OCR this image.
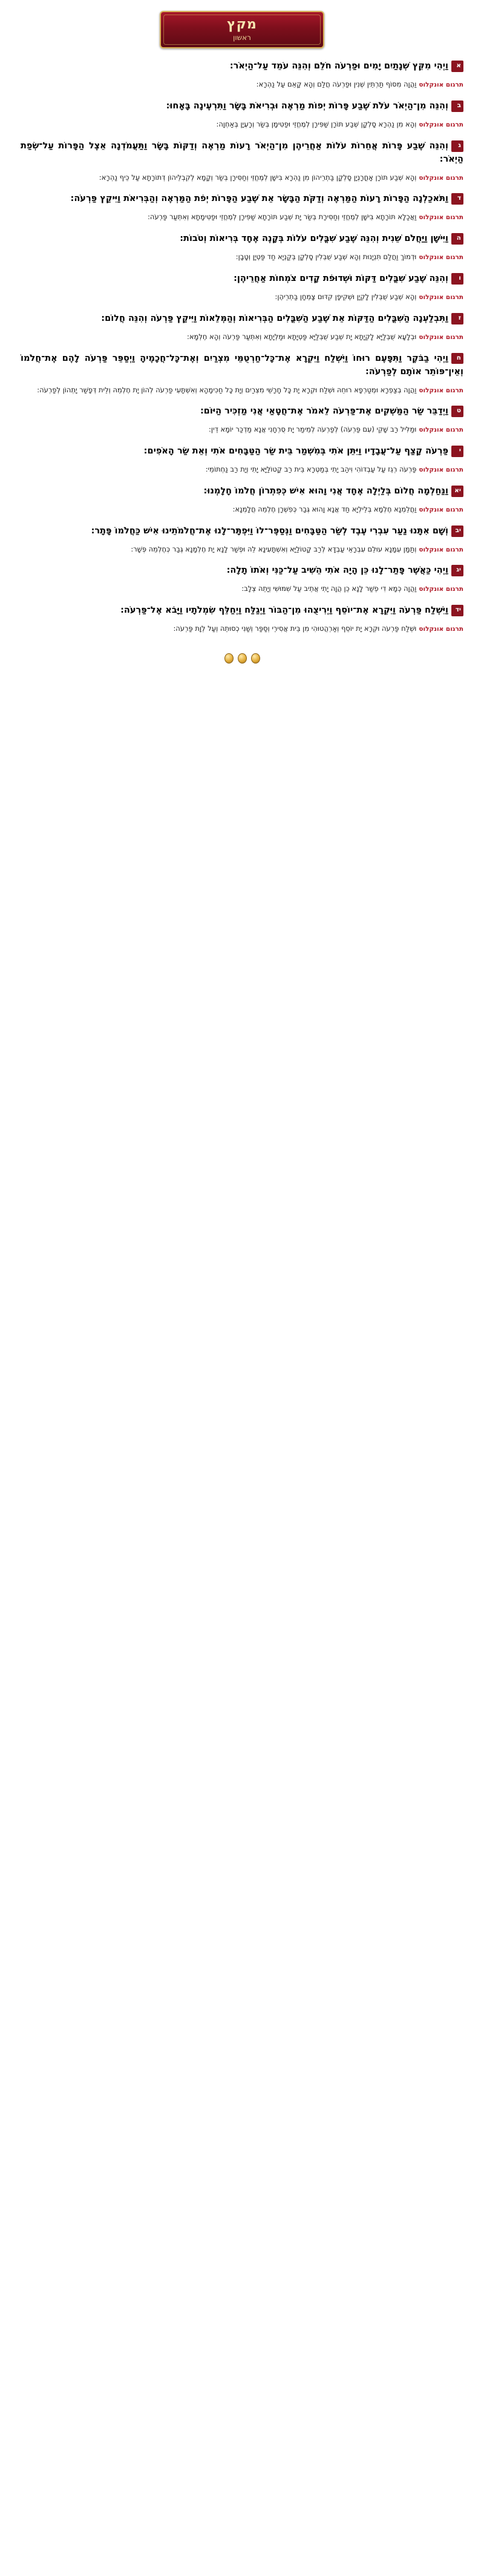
מקץ
ראשון

אוַיְהִי מִקֵּץ שְׁנָתַיִם יָמִים וּפַרְעֹה חֹלֵם וְהִנֵּה עֹמֵד עַל־הַיְאֹר:

תרגום אונקלוסוַהֲוָה מִסּוֹף תַּרְתֵּין שְׁנִין וּפַרְעֹה חֲלַם וְהָא קָאֵם עַל נַהְרָא:

בוְהִנֵּה מִן־הַיְאֹר עֹלֹת שֶׁבַע פָּרוֹת יְפוֹת מַרְאֶה וּבְרִיאֹת בָּשָׂר וַתִּרְעֶינָה בָּאָחוּ:

תרגום אונקלוסוְהָא מִן נַהְרָא סָלְקָן שְׁבַע תּוֹרָן שַׁפִּירָן לְמֶחֱזֵי וּפַטִּימָן בְּשַׂר וְרָעְיָן בְּאַחְוָה:

גוְהִנֵּה שֶׁבַע פָּרוֹת אֲחֵרוֹת עֹלוֹת אַחֲרֵיהֶן מִן־הַיְאֹר רָעוֹת מַרְאֶה וְדַקּוֹת בָּשָׂר וַתַּעֲמֹדְנָה אֵצֶל הַפָּרוֹת עַל־שְׂפַת הַיְאֹר:

תרגום אונקלוסוְהָא שְׁבַע תּוֹרָן אָחֳרָנְיָן סָלְקָן בַּתְרֵיהוֹן מִן נַהְרָא בִּישָׁן לְמֶחֱזֵי וְחַסִּירָן בְּשַׂר וְקָמָא לְקִבְלֵיהוֹן דְּתוֹרָתָא עַל כֵּיף נַהְרָא:

דוַתֹּאכַלְנָה הַפָּרוֹת רָעוֹת הַמַּרְאֶה וְדַקֹּת הַבָּשָׂר אֵת שֶׁבַע הַפָּרוֹת יְפֹת הַמַּרְאֶה וְהַבְּרִיאֹת וַיִּיקַץ פַּרְעֹה:

תרגום אונקלוסוַאֲכַלָא תּוֹרָתָא בִּישָׁן לְמֶחֱזֵי וְחַסִּירָת בְּשַׂר יָת שְׁבַע תּוֹרָתָא שַׁפִּירָן לְמֶחֱזֵי וּפַטִּימָתָא וְאִתְּעַר פַּרְעֹה:

הוַיִּישָׁן וַיַּחֲלֹם שֵׁנִית וְהִנֵּה שֶׁבַע שִׁבֳּלִים עֹלוֹת בְּקָנֶה אֶחָד בְּרִיאוֹת וְטֹבוֹת:

תרגום אונקלוסוּדְמוֹךְ וַחֲלַם תִּנְיָנוּת וְהָא שְׁבַע שֻׁבְּלִין סָלְקָן בְּקַנְיָא חַד פַּטְיָן וְטָבָן:

ווְהִנֵּה שֶׁבַע שִׁבֳּלִים דַּקּוֹת וּשְׁדוּפֹת קָדִים צֹמְחוֹת אַחֲרֵיהֶן:

תרגום אונקלוסוְהָא שְׁבַע שֻׁבְּלִין לָקְיָן וּשְׁקִיפָן קִדּוּם צָמְחָן בַּתְרֵיהֶן:

זוַתִּבְלַעְנָה הַשִּׁבֳּלִים הַדַּקּוֹת אֵת שֶׁבַע הַשִּׁבֳּלִים הַבְּרִיאוֹת וְהַמְּלֵאוֹת וַיִּיקַץ פַּרְעֹה וְהִנֵּה חֲלוֹם:

תרגום אונקלוסוּבְלָעָא שֻׁבְּלַיָּא לָקְיָתָא יָת שְׁבַע שֻׁבְּלַיָּא פַּטְיָתָא וּמַלְיָתָא וְאִתְּעַר פַּרְעֹה וְהָא חֶלְמָא:

חוַיְהִי בַבֹּקֶר וַתִּפָּעֶם רוּחוֹ וַיִּשְׁלַח וַיִּקְרָא אֶת־כָּל־חַרְטֻמֵּי מִצְרַיִם וְאֶת־כָּל־חֲכָמֶיהָ וַיְסַפֵּר פַּרְעֹה לָהֶם אֶת־חֲלֹמוֹ וְאֵין־פּוֹתֵר אוֹתָם לְפַרְעֹה:

תרגום אונקלוסוַהֲוָה בְצַפְרָא וּמְטַרְפָא רוּחֵהּ וּשְׁלַח וּקְרָא יָת כָּל חָרָשֵׁי מִצְרַיִם וְיָת כָּל חַכִּימָהָא וְאִשְׁתָּעִי פַרְעֹה לְהוֹן יָת חֶלְמֵהּ וְלֵית דְּפָשַׁר יָתְהוֹן לְפַרְעֹה:

טוַיְדַבֵּר שַׂר הַמַּשְׁקִים אֶת־פַּרְעֹה לֵאמֹר אֶת־חֲטָאַי אֲנִי מַזְכִּיר הַיּוֹם:

תרגום אונקלוסוּמַלִּיל רַב שָׁקֵי (עִם פַּרְעֹה) לְפַרְעֹה לְמֵימַר יָת סֻרְחָנִי אֲנָא מַדְכַּר יוֹמָא דֵין:

יפַּרְעֹה קָצַף עַל־עֲבָדָיו וַיִּתֵּן אֹתִי בְּמִשְׁמַר בֵּית שַׂר הַטַּבָּחִים אֹתִי וְאֵת שַׂר הָאֹפִים:

תרגום אונקלוספַּרְעֹה רְגֵז עַל עַבְדּוֹהִי וִיהַב יָתִי בְּמַטְּרָא בֵּית רַב קָטוֹלַיָּא יָתִי וְיָת רַב נַחְתּוֹמֵי:

יאוַנַּחַלְמָה חֲלוֹם בְּלַיְלָה אֶחָד אֲנִי וָהוּא אִישׁ כְּפִתְרוֹן חֲלֹמוֹ חָלָמְנוּ:

תרגום אונקלוסוַחֲלֵמְנָא חֶלְמָא בְּלֵילְיָא חַד אֲנָא וָהוּא גְּבַר כְּפִשְׁרָן חֶלְמֵהּ חֲלָמְנָא:

יבוְשָׁם אִתָּנוּ נַעַר עִבְרִי עֶבֶד לְשַׂר הַטַּבָּחִים וַנְּסַפֶּר־לוֹ וַיִּפְתָּר־לָנוּ אֶת־חֲלֹמֹתֵינוּ אִישׁ כַּחֲלֹמוֹ פָּתָר:

תרגום אונקלוסוְתַמָּן עִמָּנָא עוּלֵם עִבְרָאֵי עַבְדָּא לְרַב קָטוֹלַיָּא וְאִשְׁתָּעִינָא לֵהּ וּפְשַׁר לָנָא יָת חֶלְמָנָא גְּבַר כְּחֶלְמֵהּ פְּשָׁר:

יגוַיְהִי כַּאֲשֶׁר פָּתַר־לָנוּ כֵּן הָיָה אֹתִי הֵשִׁיב עַל־כַּנִּי וְאֹתוֹ תָלָה:

תרגום אונקלוסוַהֲוָה כְּמָא דִי פְשַׁר לָנָא כֵּן הֲוָה יָתִי אֲתֵיב עַל שִׁמּוּשִׁי וְיָתֵהּ צְלָב:

ידוַיִּשְׁלַח פַּרְעֹה וַיִּקְרָא אֶת־יוֹסֵף וַיְרִיצֻהוּ מִן־הַבּוֹר וַיְגַלַּח וַיְחַלֵּף שִׂמְלֹתָיו וַיָּבֹא אֶל־פַּרְעֹה:

תרגום אונקלוסוּשְׁלַח פַּרְעֹה וּקְרָא יָת יוֹסֵף וְאַרְהֲטוּהִי מִן בֵּית אֲסִירֵי וְסַפַּר וְשַׁנִּי כְסוּתֵהּ וְעַל לְוָת פַּרְעֹה:
